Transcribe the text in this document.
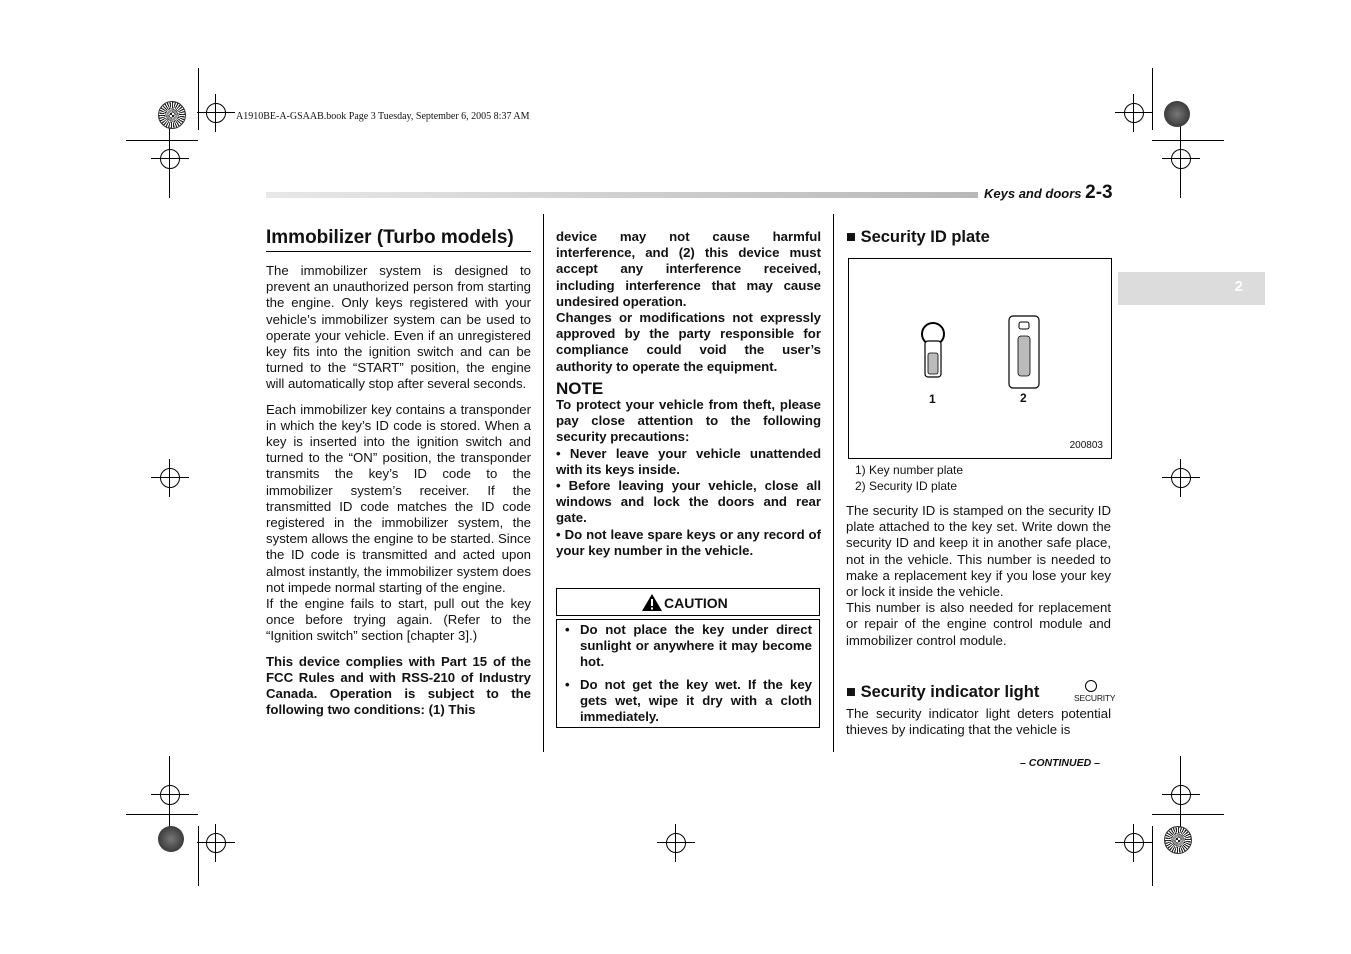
A1910BE-A-GSAAB.book Page 3 Tuesday, September 6, 2005 8:37 AM
Keys and doors 2-3
2
Immobilizer (Turbo models)

The immobilizer system is designed to prevent an unauthorized person from starting the engine. Only keys registered with your vehicle’s immobilizer system can be used to operate your vehicle. Even if an unregistered key fits into the ignition switch and can be turned to the “START” position, the engine will automatically stop after several seconds.

Each immobilizer key contains a transponder in which the key’s ID code is stored. When a key is inserted into the ignition switch and turned to the “ON” position, the transponder transmits the key’s ID code to the immobilizer system’s receiver. If the transmitted ID code matches the ID code registered in the immobilizer system, the system allows the engine to be started. Since the ID code is transmitted and acted upon almost instantly, the immobilizer system does not impede normal starting of the engine.

If the engine fails to start, pull out the key once before trying again. (Refer to the “Ignition switch” section [chapter 3].)

This device complies with Part 15 of the FCC Rules and with RSS-210 of Industry Canada. Operation is subject to the following two conditions: (1) This

device may not cause harmful interference, and (2) this device must accept any interference received, including interference that may cause undesired operation.

Changes or modifications not expressly approved by the party responsible for compliance could void the user’s authority to operate the equipment.

NOTE

To protect your vehicle from theft, please pay close attention to the following security precautions:

• Never leave your vehicle unattended with its keys inside.

• Before leaving your vehicle, close all windows and lock the doors and rear gate.

• Do not leave spare keys or any record of your key number in the vehicle.

CAUTION
• Do not place the key under direct sunlight or anywhere it may become hot.
• Do not get the key wet. If the key gets wet, wipe it dry with a cloth immediately.
■ Security ID plate
1	2
200803
1) Key number plate
2) Security ID plate

The security ID is stamped on the security ID plate attached to the key set. Write down the security ID and keep it in another safe place, not in the vehicle. This number is needed to make a replacement key if you lose your key or lock it inside the vehicle.

This number is also needed for replacement or repair of the engine control module and immobilizer control module.

■ Security indicator light	SECURITY

The security indicator light deters potential thieves by indicating that the vehicle is

– CONTINUED –
